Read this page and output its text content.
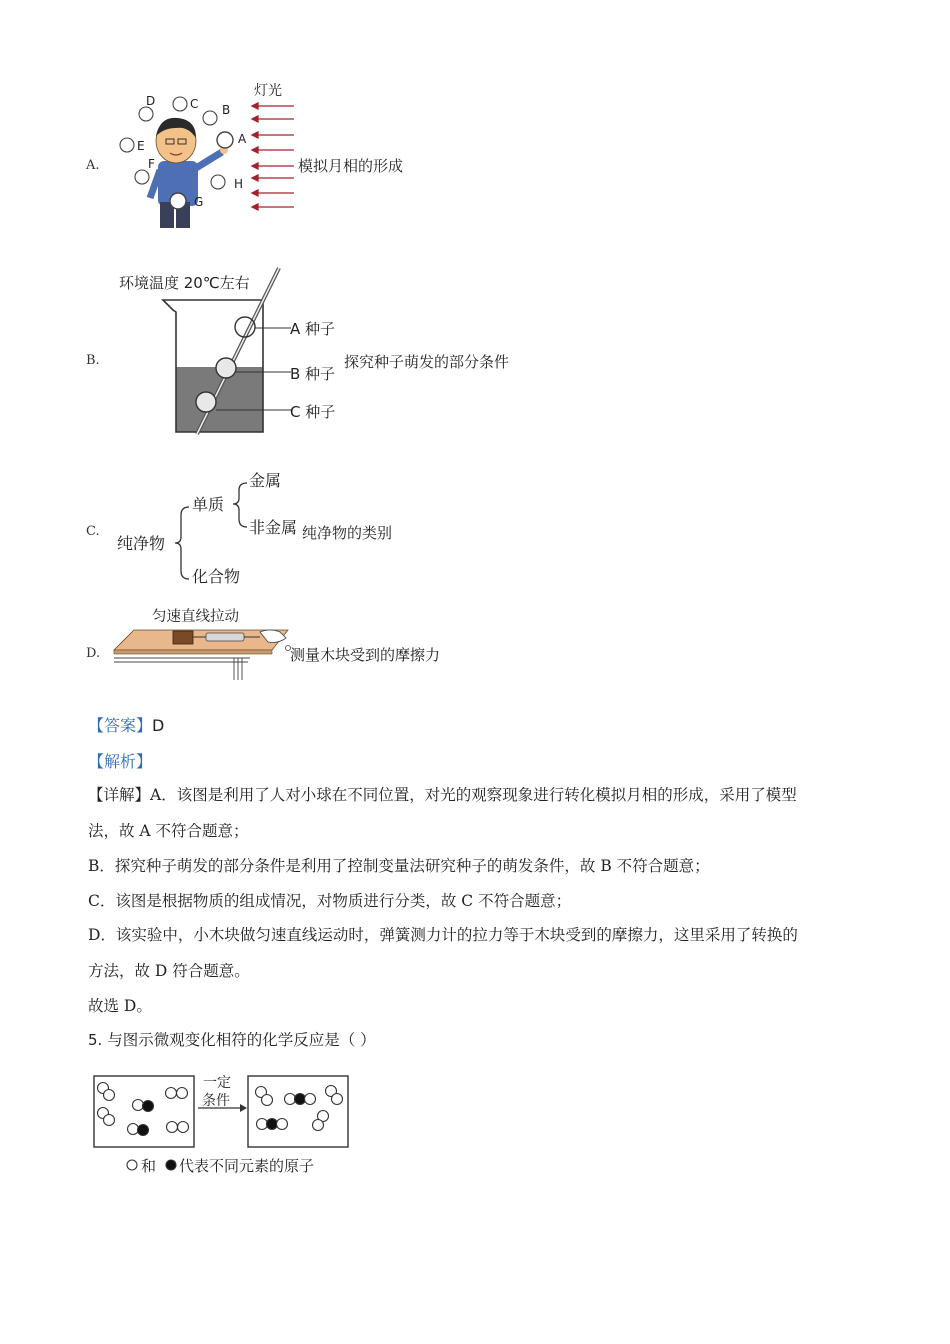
A.
灯光
D	C B
A
E
F
H
G
模拟月相的形成
B.
环境温度 20℃左右
A 种子
B 种子
C 种子
探究种子萌发的部分条件
C.
纯净物
单质
化合物
金属
非金属 纯净物的类别
D.
匀速直线拉动
测量木块受到的摩擦力
【答案】D
【解析】
【详解】A．该图是利用了人对小球在不同位置，对光的观察现象进行转化模拟月相的形成，采用了模型
法，故 A 不符合题意；
B．探究种子萌发的部分条件是利用了控制变量法研究种子的萌发条件，故 B 不符合题意；
C．该图是根据物质的组成情况，对物质进行分类，故 C 不符合题意；
D．该实验中，小木块做匀速直线运动时，弹簧测力计的拉力等于木块受到的摩擦力，这里采用了转换的
方法，故 D 符合题意。
故选 D。
5. 与图示微观变化相符的化学反应是（ ）
一定
条件
和 代表不同元素的原子
